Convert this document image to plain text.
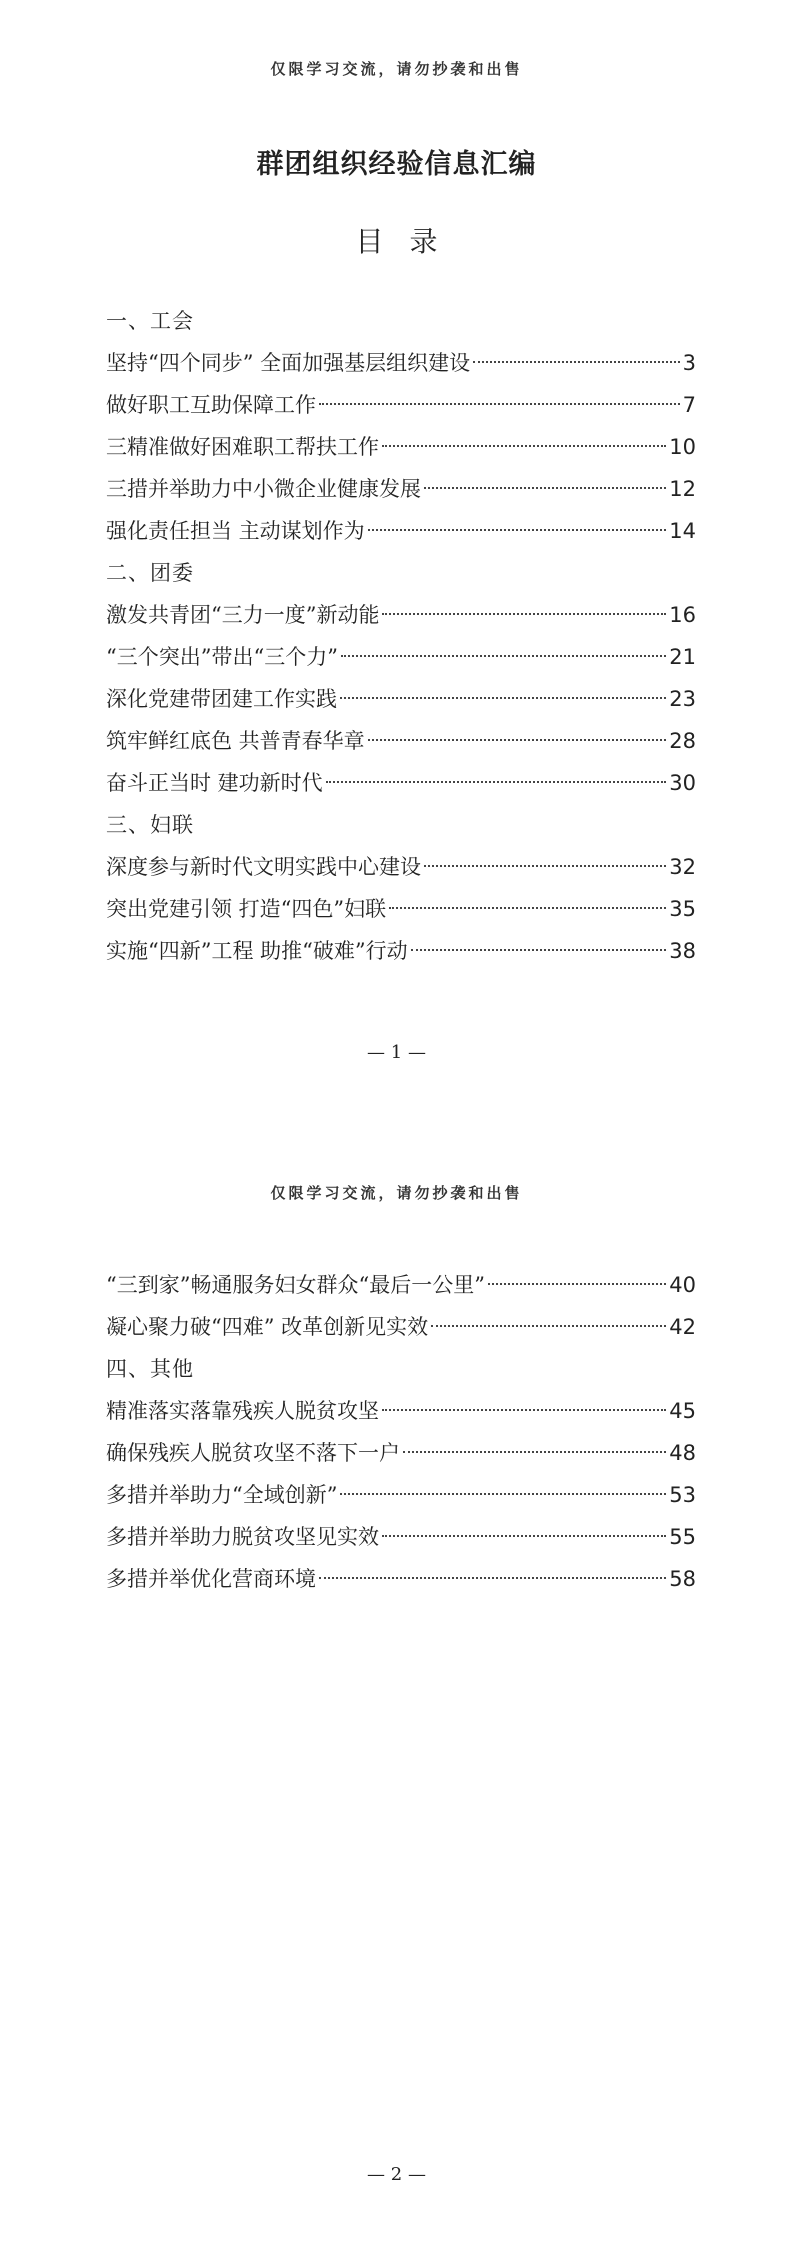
仅限学习交流，请勿抄袭和出售
群团组织经验信息汇编
目录
一、工会
坚持“四个同步” 全面加强基层组织建设	3
做好职工互助保障工作	7
三精准做好困难职工帮扶工作	10
三措并举助力中小微企业健康发展	12
强化责任担当 主动谋划作为	14
二、团委
激发共青团“三力一度”新动能	16
“三个突出”带出“三个力”	21
深化党建带团建工作实践	23
筑牢鲜红底色 共普青春华章	28
奋斗正当时 建功新时代	30
三、妇联
深度参与新时代文明实践中心建设	32
突出党建引领 打造“四色”妇联	35
实施“四新”工程 助推“破难”行动	38
— 1 —
仅限学习交流，请勿抄袭和出售
“三到家”畅通服务妇女群众“最后一公里”	40
凝心聚力破“四难” 改革创新见实效	42
四、其他
精准落实落靠残疾人脱贫攻坚	45
确保残疾人脱贫攻坚不落下一户	48
多措并举助力“全域创新”	53
多措并举助力脱贫攻坚见实效	55
多措并举优化营商环境	58
— 2 —
